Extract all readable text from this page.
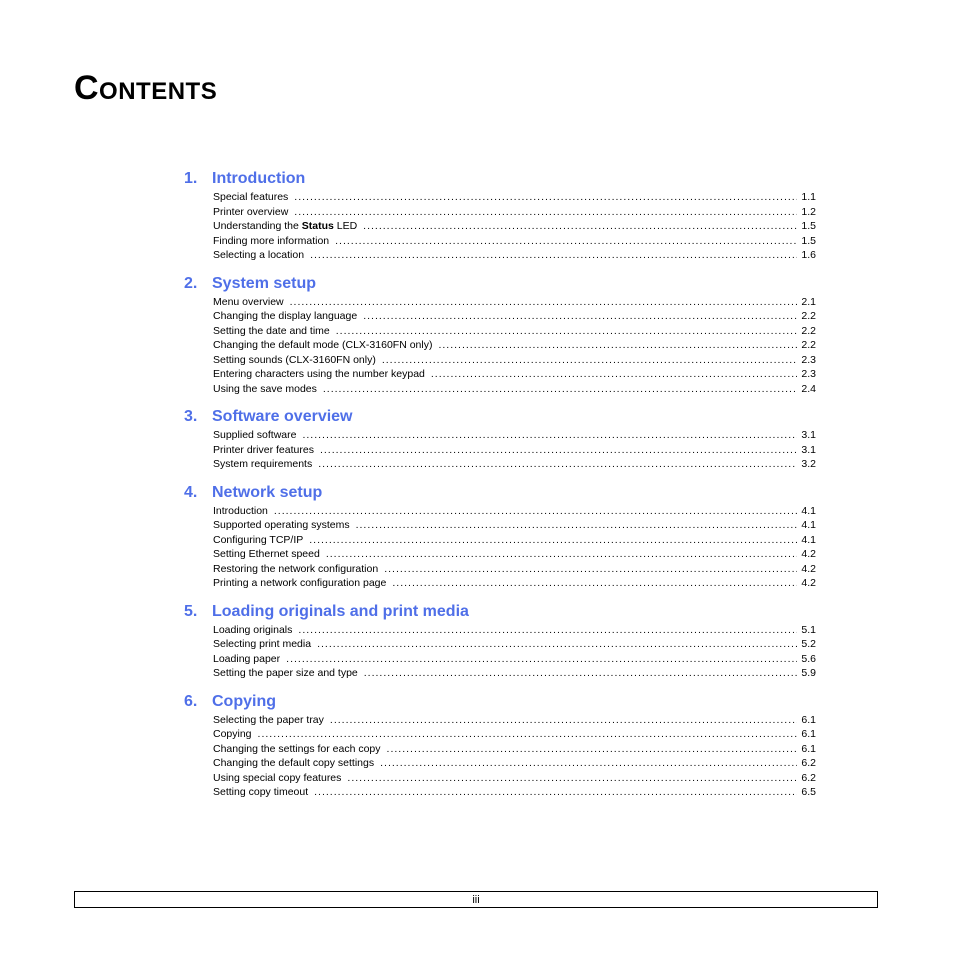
Contents
1. Introduction
Special features .....	1.1
Printer overview .....	1.2
Understanding the Status LED .....	1.5
Finding more information .....	1.5
Selecting a location .....	1.6
2. System setup
Menu overview .....	2.1
Changing the display language .....	2.2
Setting the date and time .....	2.2
Changing the default mode (CLX-3160FN only) .....	2.2
Setting sounds (CLX-3160FN only) .....	2.3
Entering characters using the number keypad .....	2.3
Using the save modes .....	2.4
3. Software overview
Supplied software .....	3.1
Printer driver features .....	3.1
System requirements .....	3.2
4. Network setup
Introduction .....	4.1
Supported operating systems .....	4.1
Configuring TCP/IP .....	4.1
Setting Ethernet speed .....	4.2
Restoring the network configuration .....	4.2
Printing a network configuration page .....	4.2
5. Loading originals and print media
Loading originals .....	5.1
Selecting print media .....	5.2
Loading paper .....	5.6
Setting the paper size and type .....	5.9
6. Copying
Selecting the paper tray .....	6.1
Copying .....	6.1
Changing the settings for each copy .....	6.1
Changing the default copy settings .....	6.2
Using special copy features .....	6.2
Setting copy timeout .....	6.5
iii
